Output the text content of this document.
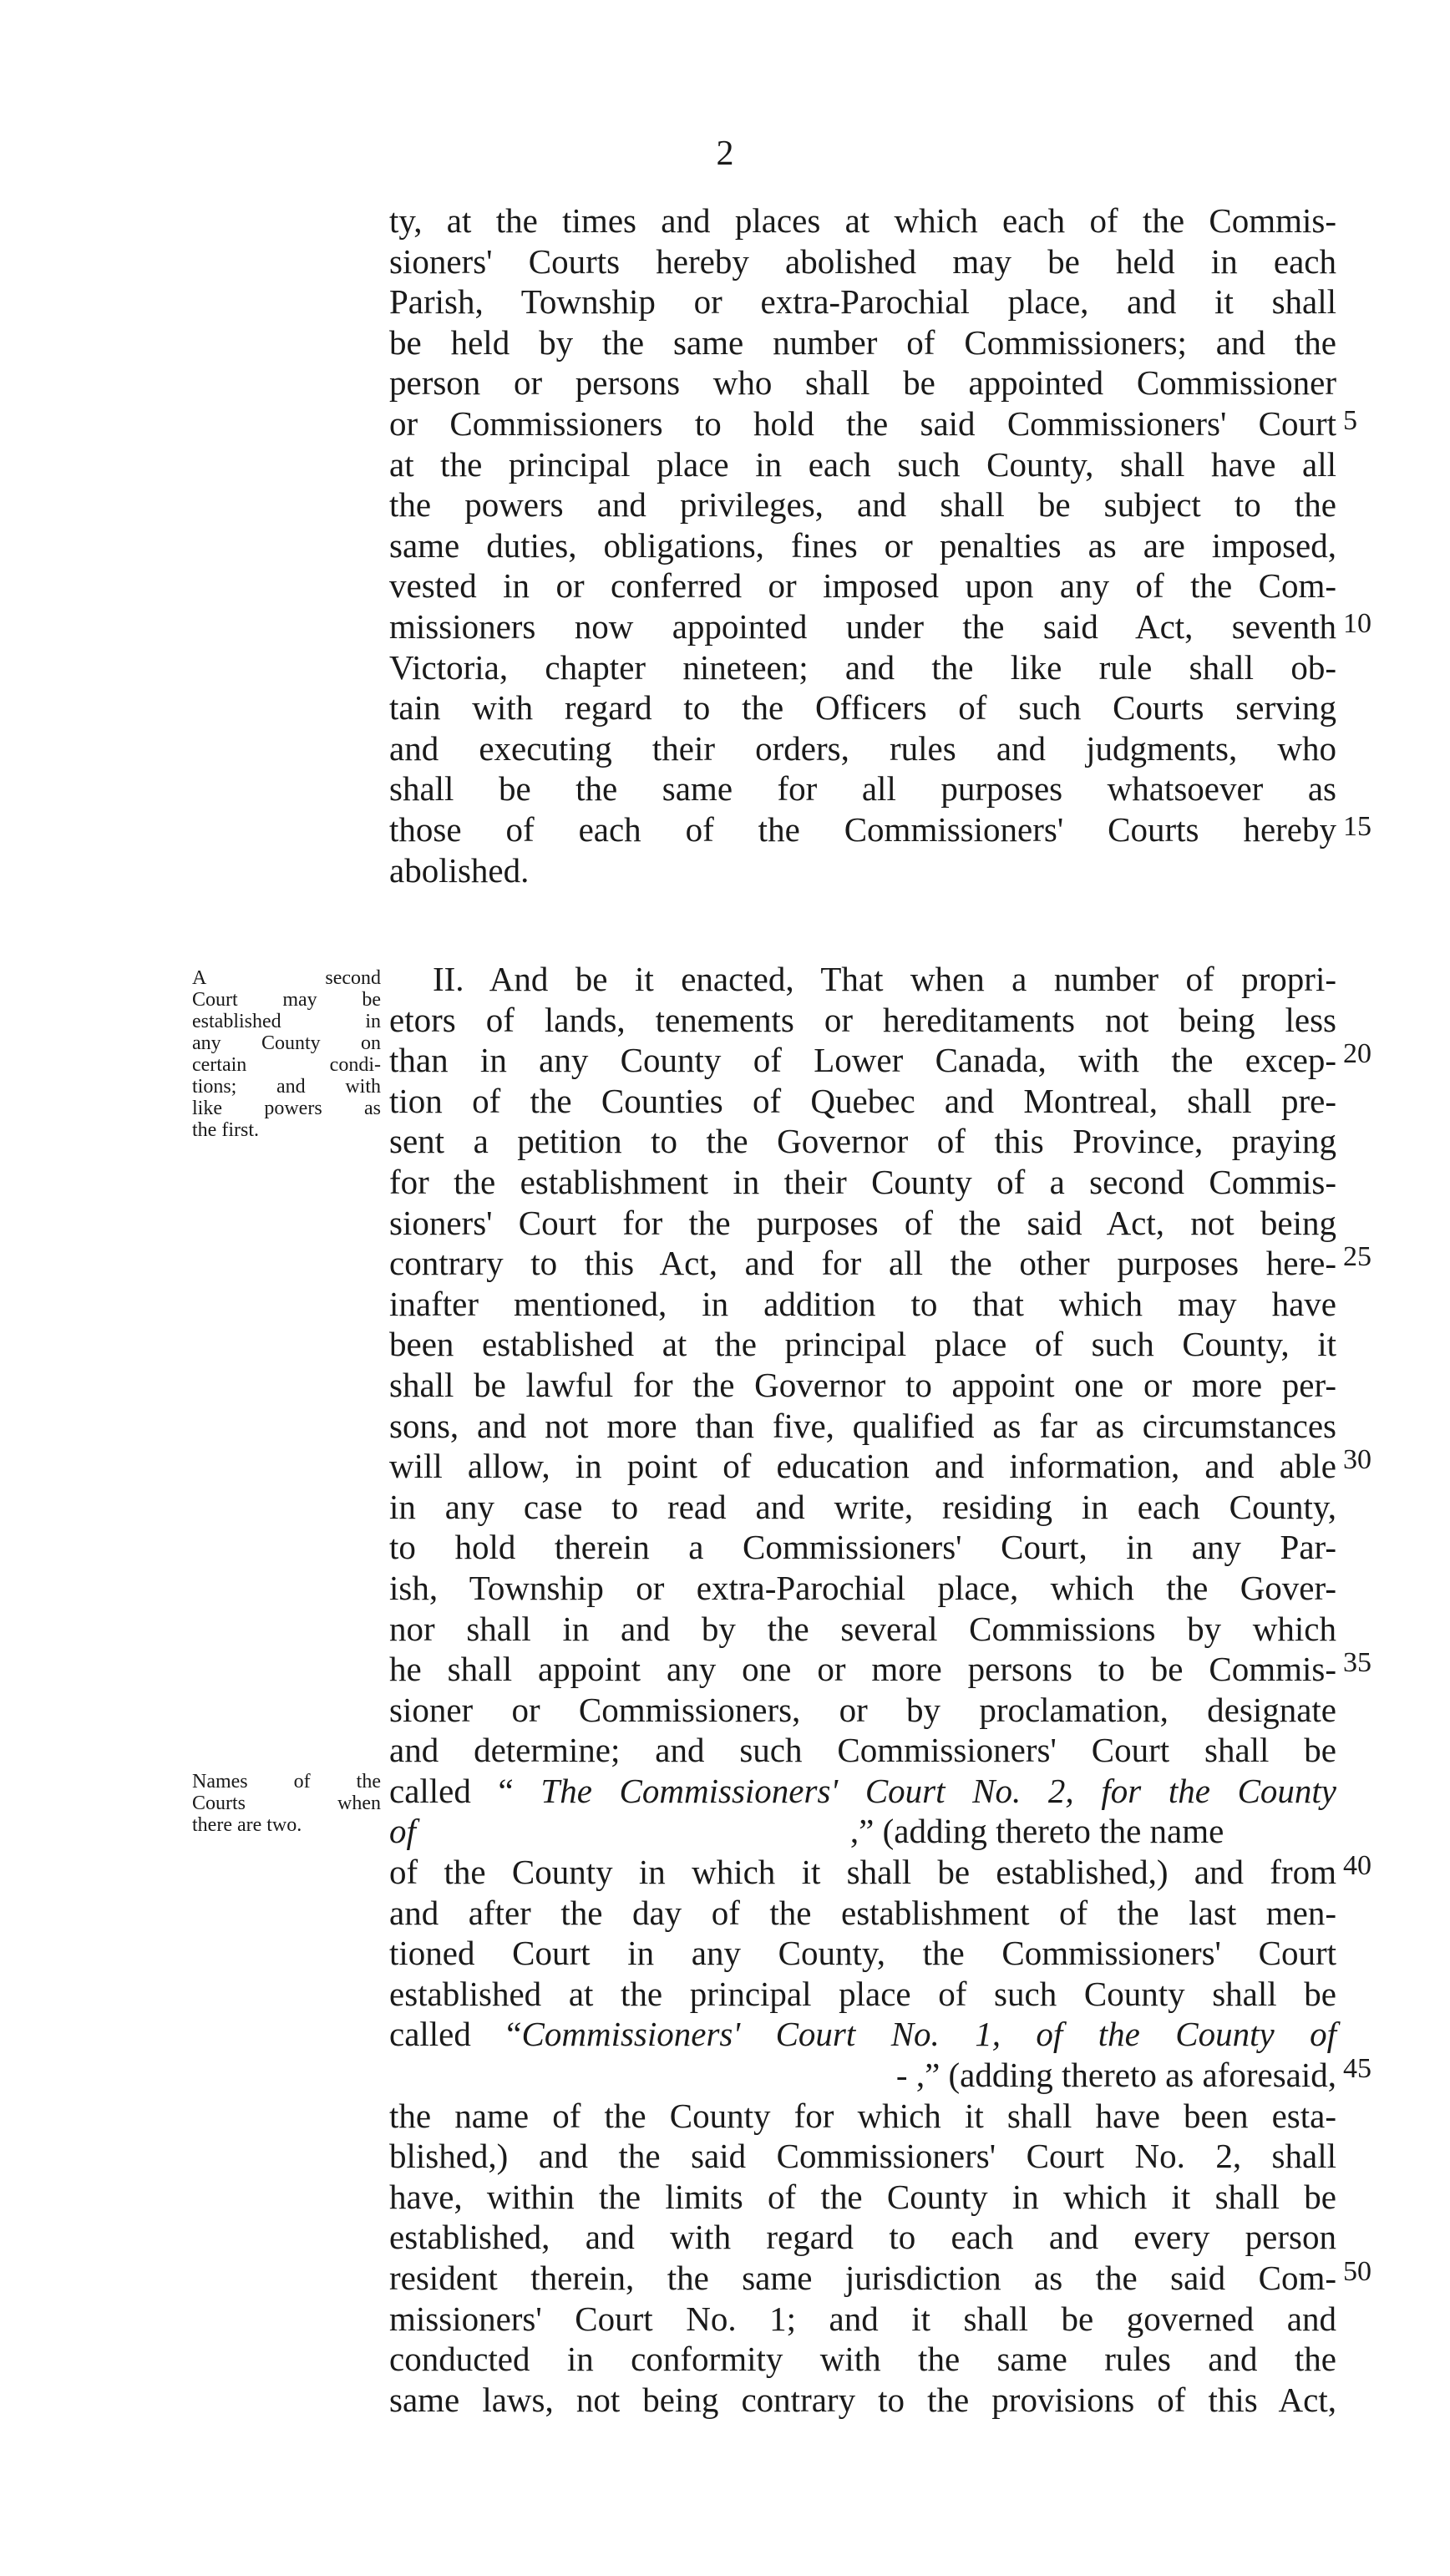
2
ty, at the times and places at which each of the Commis-
sioners' Courts hereby abolished may be held in each
Parish, Township or extra-Parochial place, and it shall
be held by the same number of Commissioners; and the
person or persons who shall be appointed Commissioner
or Commissioners to hold the said Commissioners' Court
at the principal place in each such County, shall have all
the powers and privileges, and shall be subject to the
same duties, obligations, fines or penalties as are imposed,
vested in or conferred or imposed upon any of the Com-
missioners now appointed under the said Act, seventh
Victoria, chapter nineteen; and the like rule shall ob-
tain with regard to the Officers of such Courts serving
and executing their orders, rules and judgments, who
shall be the same for all purposes whatsoever as
those of each of the Commissioners' Courts hereby
abolished.
II. And be it enacted, That when a number of propri-
etors of lands, tenements or hereditaments not being less
than in any County of Lower Canada, with the excep-
tion of the Counties of Quebec and Montreal, shall pre-
sent a petition to the Governor of this Province, praying
for the establishment in their County of a second Commis-
sioners' Court for the purposes of the said Act, not being
contrary to this Act, and for all the other purposes here-
inafter mentioned, in addition to that which may have
been established at the principal place of such County, it
shall be lawful for the Governor to appoint one or more per-
sons, and not more than five, qualified as far as circumstances
will allow, in point of education and information, and able
in any case to read and write, residing in each County,
to hold therein a Commissioners' Court, in any Par-
ish, Township or extra-Parochial place, which the Gover-
nor shall in and by the several Commissions by which
he shall appoint any one or more persons to be Commis-
sioner or Commissioners, or by proclamation, designate
and determine; and such Commissioners' Court shall be
called “ The Commissioners' Court No. 2, for the County
of	,” (adding thereto the name
of the County in which it shall be established,) and from
and after the day of the establishment of the last men-
tioned Court in any County, the Commissioners' Court
established at the principal place of such County shall be
called “Commissioners' Court No. 1, of the County of
- ,” (adding thereto as aforesaid,
the name of the County for which it shall have been esta-
blished,) and the said Commissioners' Court No. 2, shall
have, within the limits of the County in which it shall be
established, and with regard to each and every person
resident therein, the same jurisdiction as the said Com-
missioners' Court No. 1; and it shall be governed and
conducted in conformity with the same rules and the
same laws, not being contrary to the provisions of this Act,
A second
Court may be
established in
any County on
certain condi-
tions; and with
like powers as
the first.
Names of the
Courts when
there are two.
5
10
15
20
25
30
35
40
45
50
